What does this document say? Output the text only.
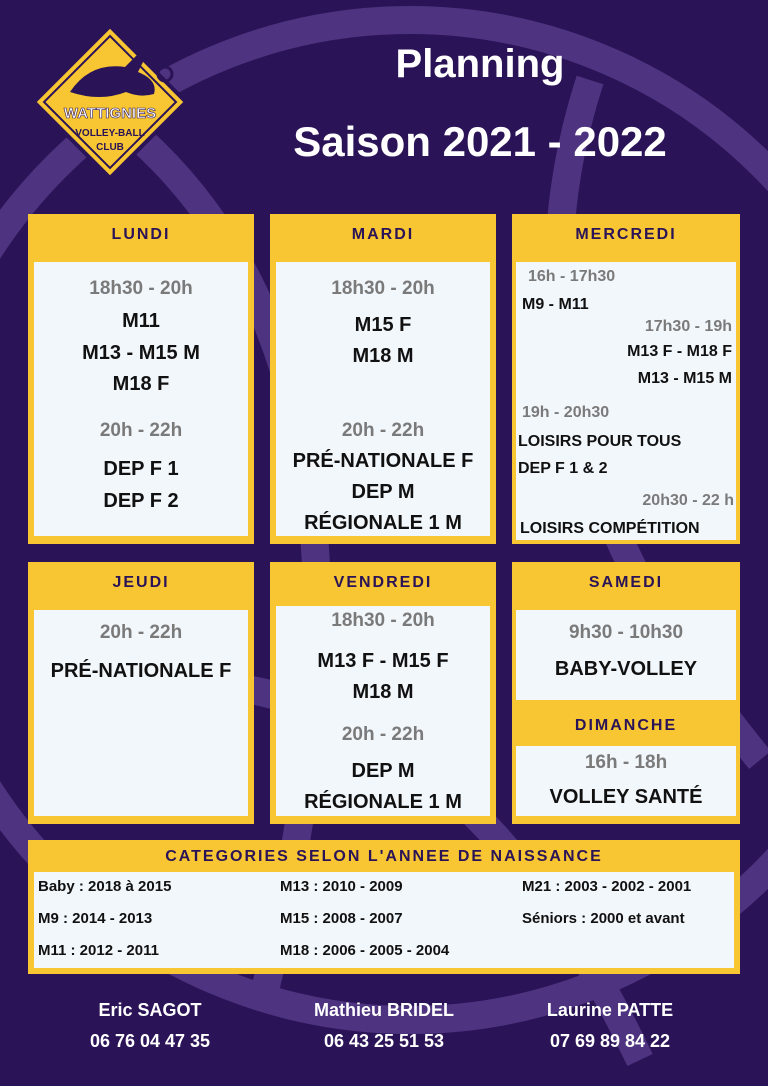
WATTIGNIES
VOLLEY-BALL
CLUB
Planning
Saison 2021 - 2022
LUNDI
18h30 - 20h
M11
M13 - M15 M
M18 F
20h - 22h
DEP F 1
DEP F 2
MARDI
18h30 - 20h
M15 F
M18 M
20h - 22h
PRÉ-NATIONALE F
DEP M
RÉGIONALE 1 M
MERCREDI
16h - 17h30
M9 - M11
17h30 - 19h
M13 F - M18 F
M13 - M15 M
19h - 20h30
LOISIRS POUR TOUS
DEP F 1 & 2
20h30 - 22 h
LOISIRS COMPÉTITION
JEUDI
20h - 22h
PRÉ-NATIONALE F
VENDREDI
18h30 - 20h
M13 F - M15 F
M18 M
20h - 22h
DEP M
RÉGIONALE 1 M
SAMEDI
9h30 - 10h30
BABY-VOLLEY
DIMANCHE
16h - 18h
VOLLEY SANTÉ
CATEGORIES SELON L'ANNEE DE NAISSANCE
Baby : 2018 à 2015
M9 : 2014 - 2013
M11 : 2012 - 2011
M13 : 2010 - 2009
M15 : 2008 - 2007
M18 : 2006 - 2005 - 2004
M21 : 2003 - 2002 - 2001
Séniors : 2000 et avant
Eric SAGOT
06 76 04 47 35
Mathieu BRIDEL
06 43 25 51 53
Laurine PATTE
07 69 89 84 22
